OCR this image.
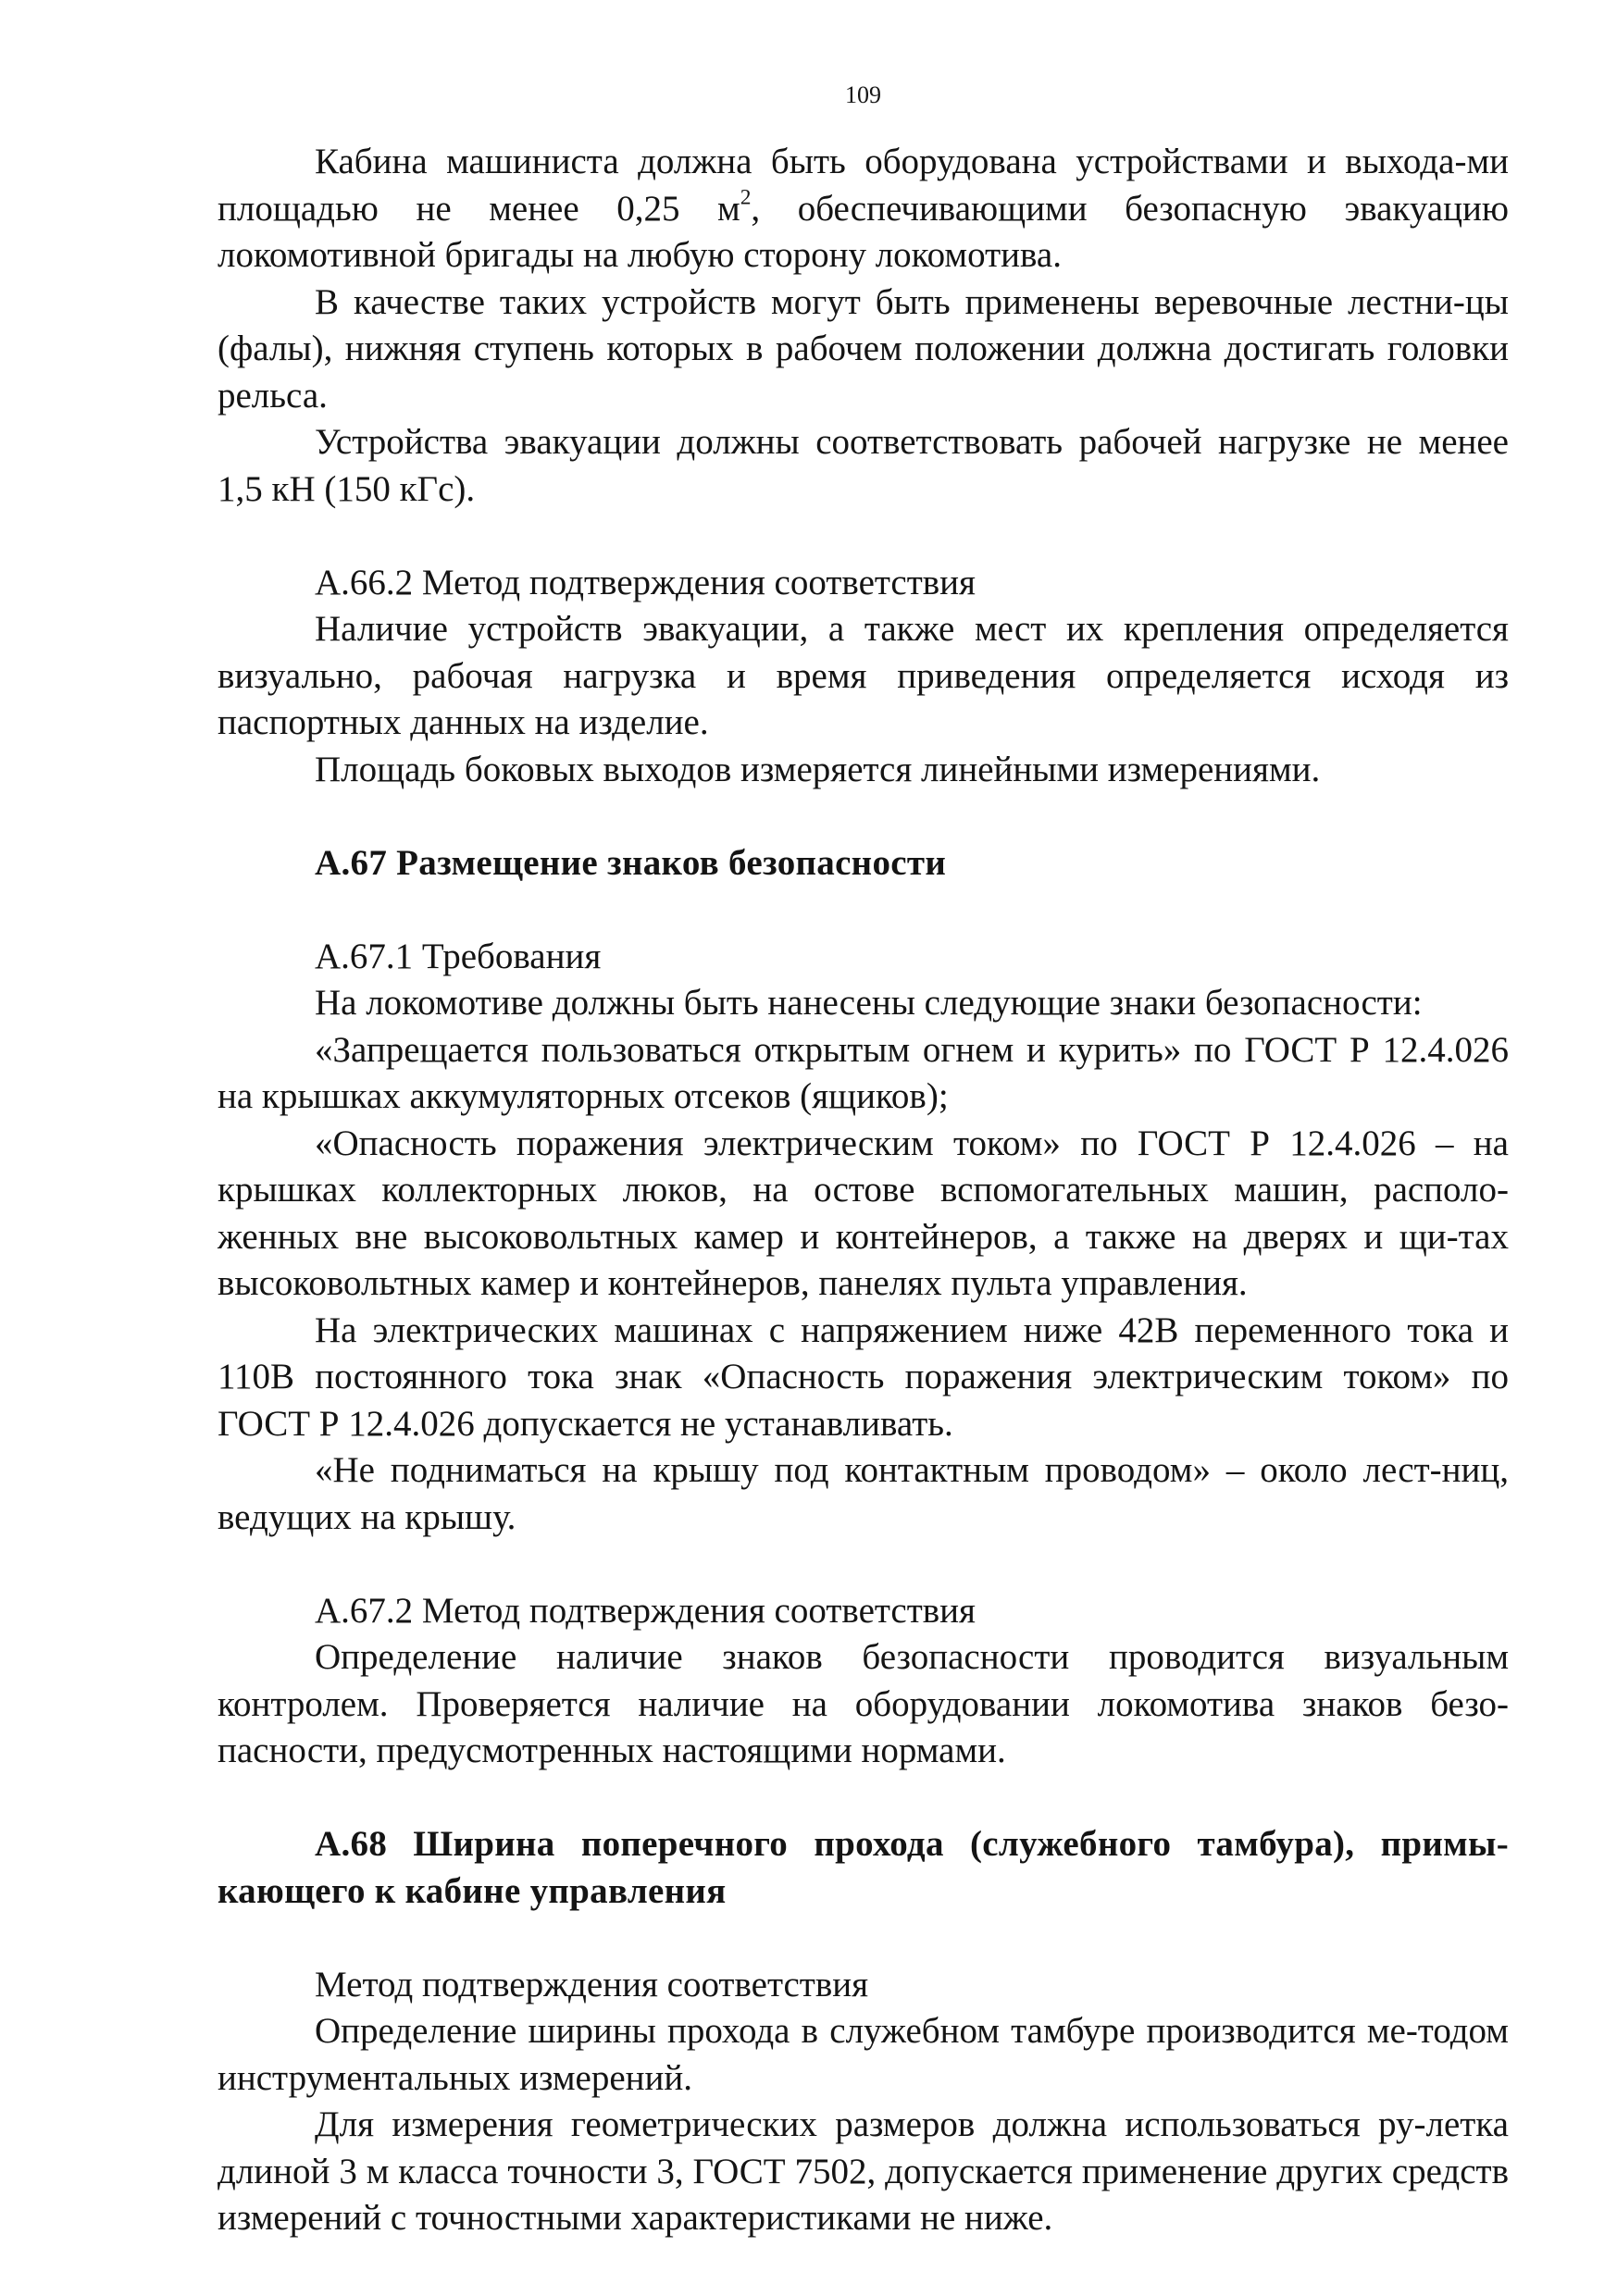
109

Кабина машиниста должна быть оборудована устройствами и выхода-ми площадью не менее 0,25 $м^2$, обеспечивающими безопасную эвакуацию локомотивной бригады на любую сторону локомотива.

В качестве таких устройств могут быть применены веревочные лестни-цы (фалы), нижняя ступень которых в рабочем положении должна достигать головки рельса.

Устройства эвакуации должны соответствовать рабочей нагрузке не менее 1,5 кН (150 кГс).

А.66.2 Метод подтверждения соответствия

Наличие устройств эвакуации, а также мест их крепления определяется визуально, рабочая нагрузка и время приведения определяется исходя из паспортных данных на изделие.

Площадь боковых выходов измеряется линейными измерениями.

А.67 Размещение знаков безопасности

А.67.1 Требования

На локомотиве должны быть нанесены следующие знаки безопасности:

«Запрещается пользоваться открытым огнем и курить» по ГОСТ Р 12.4.026 на крышках аккумуляторных отсеков (ящиков);

«Опасность поражения электрическим током» по ГОСТ Р 12.4.026 – на крышках коллекторных люков, на остове вспомогательных машин, располо-женных вне высоковольтных камер и контейнеров, а также на дверях и щи-тах высоковольтных камер и контейнеров, панелях пульта управления.

На электрических машинах с напряжением ниже 42В переменного тока и 110В постоянного тока знак «Опасность поражения электрическим током» по ГОСТ Р 12.4.026 допускается не устанавливать.

«Не подниматься на крышу под контактным проводом» – около лест-ниц, ведущих на крышу.

А.67.2 Метод подтверждения соответствия

Определение наличие знаков безопасности проводится визуальным контролем. Проверяется наличие на оборудовании локомотива знаков безо-пасности, предусмотренных настоящими нормами.

А.68 Ширина поперечного прохода (служебного тамбура), примы-кающего к кабине управления

Метод подтверждения соответствия

Определение ширины прохода в служебном тамбуре производится ме-тодом инструментальных измерений.

Для измерения геометрических размеров должна использоваться ру-летка длиной 3 м класса точности 3, ГОСТ 7502, допускается применение других средств измерений с точностными характеристиками не ниже.
